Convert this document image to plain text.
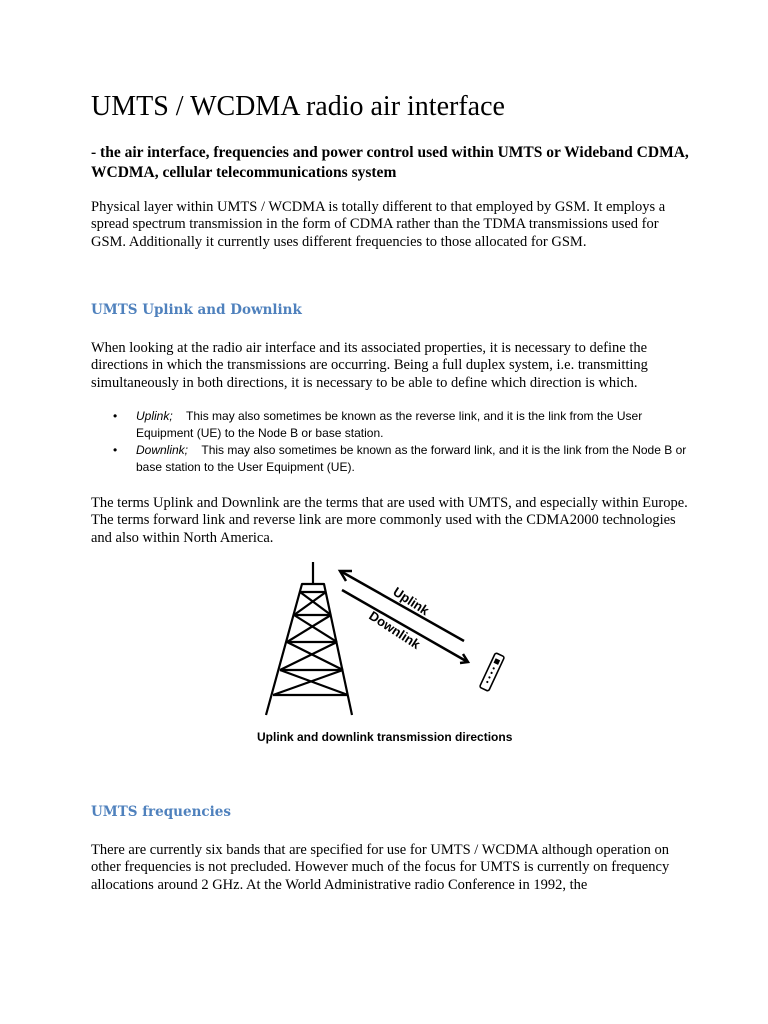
UMTS / WCDMA radio air interface

- the air interface, frequencies and power control used within UMTS or Wideband CDMA, WCDMA, cellular telecommunications system

Physical layer within UMTS / WCDMA is totally different to that employed by GSM. It employs a spread spectrum transmission in the form of CDMA rather than the TDMA transmissions used for GSM. Additionally it currently uses different frequencies to those allocated for GSM.

UMTS Uplink and Downlink

When looking at the radio air interface and its associated properties, it is necessary to define the directions in which the transmissions are occurring. Being a full duplex system, i.e. transmitting simultaneously in both directions, it is necessary to be able to define which direction is which.

• Uplink; This may also sometimes be known as the reverse link, and it is the link from the User Equipment (UE) to the Node B or base station.
• Downlink; This may also sometimes be known as the forward link, and it is the link from the Node B or base station to the User Equipment (UE).

The terms Uplink and Downlink are the terms that are used with UMTS, and especially within Europe. The terms forward link and reverse link are more commonly used with the CDMA2000 technologies and also within North America.

Uplink
Downlink

Uplink and downlink transmission directions

UMTS frequencies

There are currently six bands that are specified for use for UMTS / WCDMA although operation on other frequencies is not precluded. However much of the focus for UMTS is currently on frequency allocations around 2 GHz. At the World Administrative radio Conference in 1992, the
